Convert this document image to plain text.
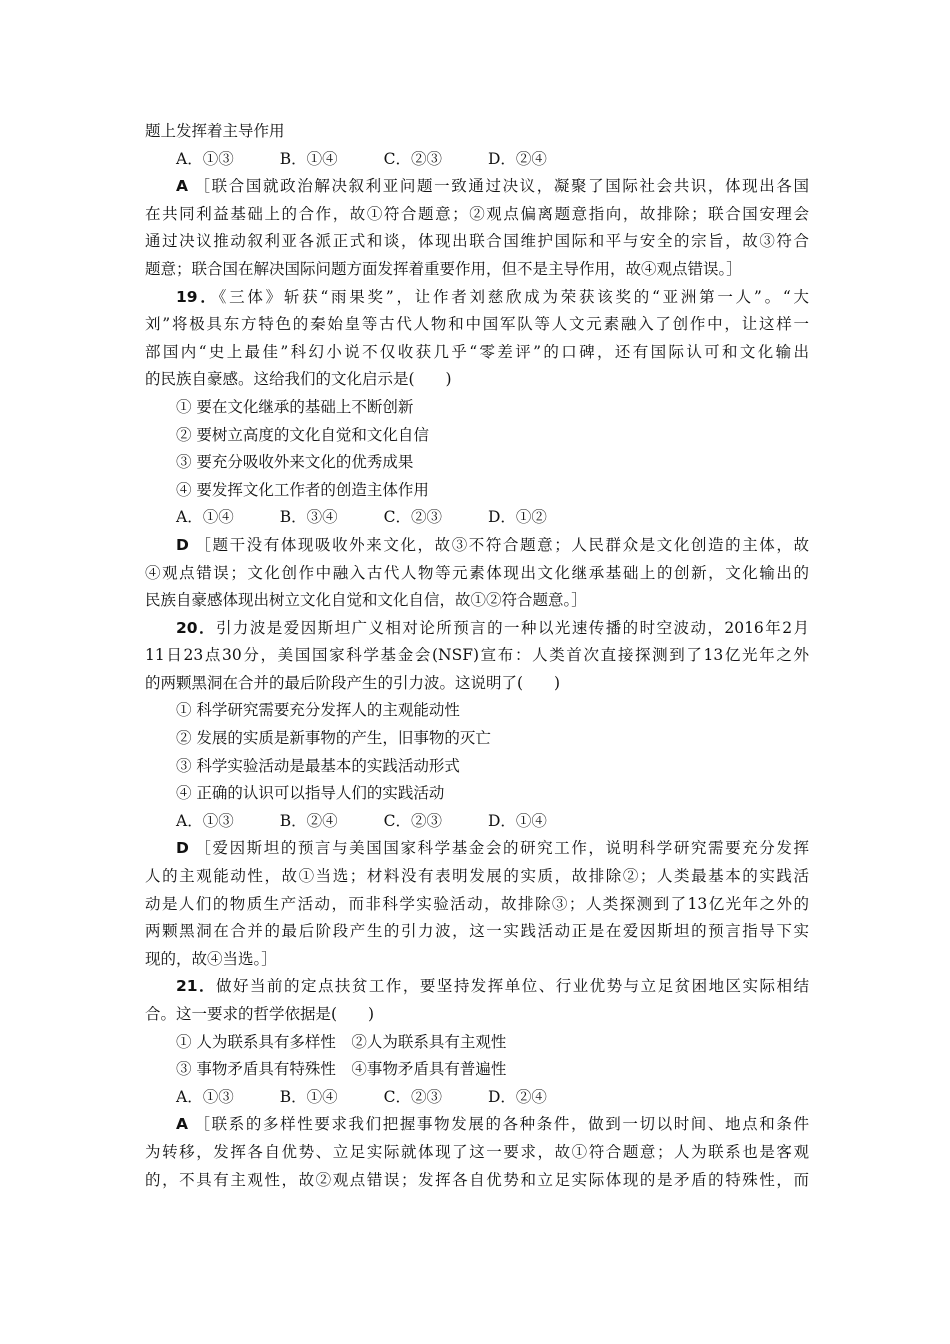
题上发挥着主导作用
A．①③	B．①④	C．②③	D．②④
A ［联合国就政治解决叙利亚问题一致通过决议，凝聚了国际社会共识，体现出各国
在共同利益基础上的合作，故①符合题意；②观点偏离题意指向，故排除；联合国安理会
通过决议推动叙利亚各派正式和谈，体现出联合国维护国际和平与安全的宗旨，故③符合
题意；联合国在解决国际问题方面发挥着重要作用，但不是主导作用，故④观点错误。］
19．《三体》斩获“雨果奖”，让作者刘慈欣成为荣获该奖的“亚洲第一人”。“大
刘”将极具东方特色的秦始皇等古代人物和中国军队等人文元素融入了创作中，让这样一
部国内“史上最佳”科幻小说不仅收获几乎“零差评”的口碑，还有国际认可和文化输出
的民族自豪感。这给我们的文化启示是(　　)
① 要在文化继承的基础上不断创新
② 要树立高度的文化自觉和文化自信
③ 要充分吸收外来文化的优秀成果
④ 要发挥文化工作者的创造主体作用
A．①④	B．③④	C．②③	D．①②
D ［题干没有体现吸收外来文化，故③不符合题意；人民群众是文化创造的主体，故
④观点错误；文化创作中融入古代人物等元素体现出文化继承基础上的创新，文化输出的
民族自豪感体现出树立文化自觉和文化自信，故①②符合题意。］
20．引力波是爱因斯坦广义相对论所预言的一种以光速传播的时空波动，2016年2月
11日23点30分，美国国家科学基金会(NSF)宣布：人类首次直接探测到了13亿光年之外
的两颗黑洞在合并的最后阶段产生的引力波。这说明了(　　)
① 科学研究需要充分发挥人的主观能动性
② 发展的实质是新事物的产生，旧事物的灭亡
③ 科学实验活动是最基本的实践活动形式
④ 正确的认识可以指导人们的实践活动
A．①③	B．②④	C．②③	D．①④
D ［爱因斯坦的预言与美国国家科学基金会的研究工作，说明科学研究需要充分发挥
人的主观能动性，故①当选；材料没有表明发展的实质，故排除②；人类最基本的实践活
动是人们的物质生产活动，而非科学实验活动，故排除③；人类探测到了13亿光年之外的
两颗黑洞在合并的最后阶段产生的引力波，这一实践活动正是在爱因斯坦的预言指导下实
现的，故④当选。］
21．做好当前的定点扶贫工作，要坚持发挥单位、行业优势与立足贫困地区实际相结
合。这一要求的哲学依据是(　　)
① 人为联系具有多样性　②人为联系具有主观性
③ 事物矛盾具有特殊性　④事物矛盾具有普遍性
A．①③	B．①④	C．②③	D．②④
A ［联系的多样性要求我们把握事物发展的各种条件，做到一切以时间、地点和条件
为转移，发挥各自优势、立足实际就体现了这一要求，故①符合题意；人为联系也是客观
的，不具有主观性，故②观点错误；发挥各自优势和立足实际体现的是矛盾的特殊性，而
